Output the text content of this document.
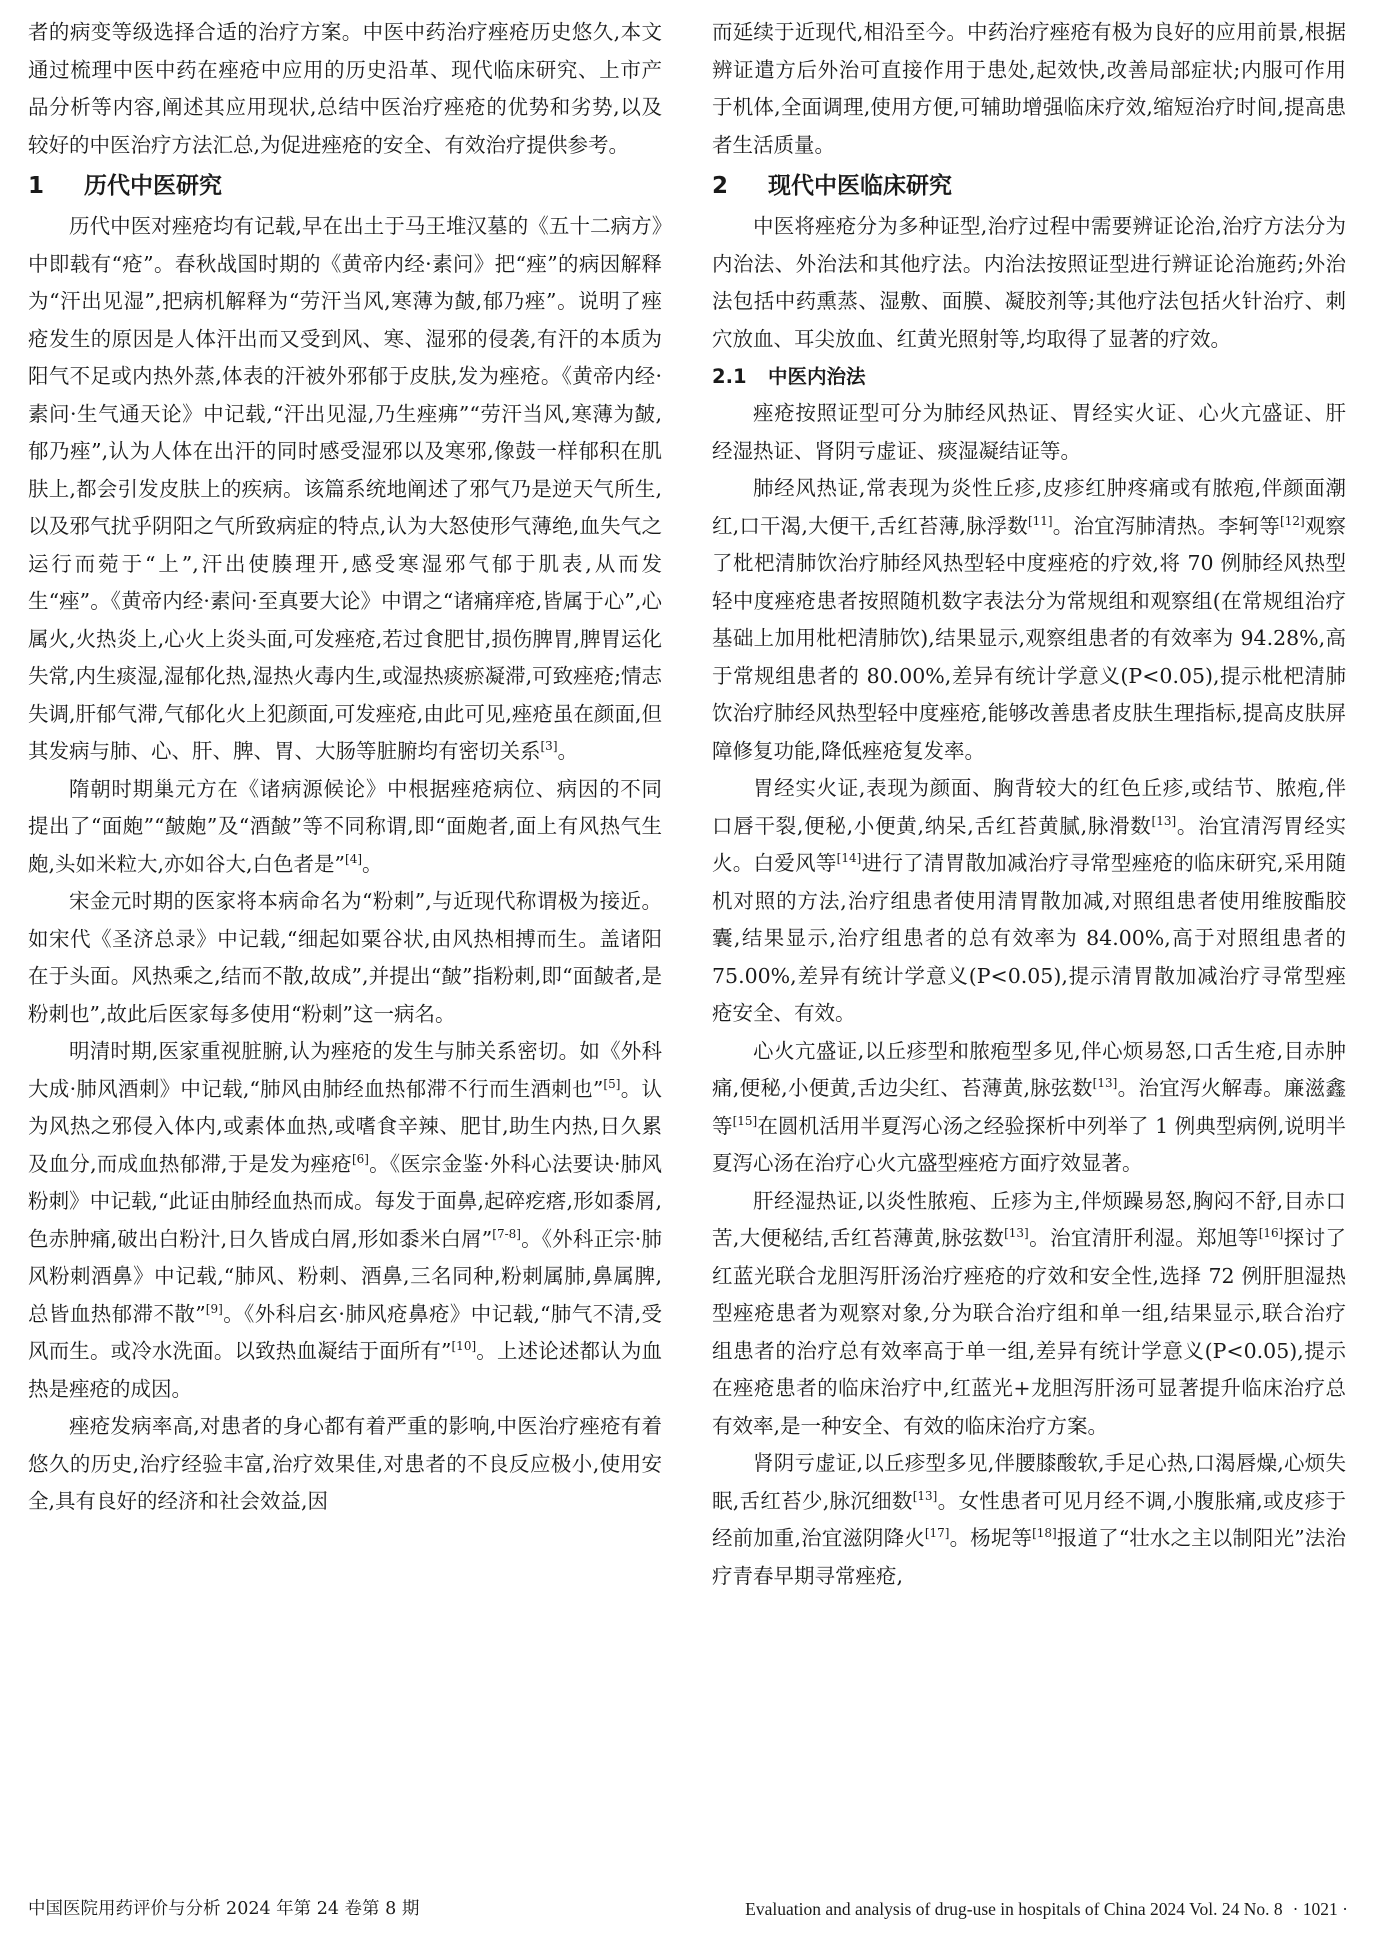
者的病变等级选择合适的治疗方案。中医中药治疗痤疮历史悠久,本文通过梳理中医中药在痤疮中应用的历史沿革、现代临床研究、上市产品分析等内容,阐述其应用现状,总结中医治疗痤疮的优势和劣势,以及较好的中医治疗方法汇总,为促进痤疮的安全、有效治疗提供参考。

1 历代中医研究

历代中医对痤疮均有记载,早在出土于马王堆汉墓的《五十二病方》中即载有“疮”。春秋战国时期的《黄帝内经·素问》把“痤”的病因解释为“汗出见湿”,把病机解释为“劳汗当风,寒薄为皶,郁乃痤”。说明了痤疮发生的原因是人体汗出而又受到风、寒、湿邪的侵袭,有汗的本质为阳气不足或内热外蒸,体表的汗被外邪郁于皮肤,发为痤疮。《黄帝内经·素问·生气通天论》中记载,“汗出见湿,乃生痤疿”“劳汗当风,寒薄为皶,郁乃痤”,认为人体在出汗的同时感受湿邪以及寒邪,像鼓一样郁积在肌肤上,都会引发皮肤上的疾病。该篇系统地阐述了邪气乃是逆天气所生,以及邪气扰乎阴阳之气所致病症的特点,认为大怒使形气薄绝,血失气之运行而菀于“上”,汗出使腠理开,感受寒湿邪气郁于肌表,从而发生“痤”。《黄帝内经·素问·至真要大论》中谓之“诸痛痒疮,皆属于心”,心属火,火热炎上,心火上炎头面,可发痤疮,若过食肥甘,损伤脾胃,脾胃运化失常,内生痰湿,湿郁化热,湿热火毒内生,或湿热痰瘀凝滞,可致痤疮;情志失调,肝郁气滞,气郁化火上犯颜面,可发痤疮,由此可见,痤疮虽在颜面,但其发病与肺、心、肝、脾、胃、大肠等脏腑均有密切关系[3]。

隋朝时期巢元方在《诸病源候论》中根据痤疮病位、病因的不同提出了“面皰”“皶皰”及“酒皶”等不同称谓,即“面皰者,面上有风热气生皰,头如米粒大,亦如谷大,白色者是”[4]。

宋金元时期的医家将本病命名为“粉刺”,与近现代称谓极为接近。如宋代《圣济总录》中记载,“细起如粟谷状,由风热相搏而生。盖诸阳在于头面。风热乘之,结而不散,故成”,并提出“皶”指粉刺,即“面皶者,是粉刺也”,故此后医家每多使用“粉刺”这一病名。

明清时期,医家重视脏腑,认为痤疮的发生与肺关系密切。如《外科大成·肺风酒刺》中记载,“肺风由肺经血热郁滞不行而生酒刺也”[5]。认为风热之邪侵入体内,或素体血热,或嗜食辛辣、肥甘,助生内热,日久累及血分,而成血热郁滞,于是发为痤疮[6]。《医宗金鉴·外科心法要诀·肺风粉刺》中记载,“此证由肺经血热而成。每发于面鼻,起碎疙瘩,形如黍屑,色赤肿痛,破出白粉汁,日久皆成白屑,形如黍米白屑”[7-8]。《外科正宗·肺风粉刺酒鼻》中记载,“肺风、粉刺、酒鼻,三名同种,粉刺属肺,鼻属脾,总皆血热郁滞不散”[9]。《外科启玄·肺风疮鼻疮》中记载,“肺气不清,受风而生。或冷水洗面。以致热血凝结于面所有”[10]。上述论述都认为血热是痤疮的成因。

痤疮发病率高,对患者的身心都有着严重的影响,中医治疗痤疮有着悠久的历史,治疗经验丰富,治疗效果佳,对患者的不良反应极小,使用安全,具有良好的经济和社会效益,因

而延续于近现代,相沿至今。中药治疗痤疮有极为良好的应用前景,根据辨证遣方后外治可直接作用于患处,起效快,改善局部症状;内服可作用于机体,全面调理,使用方便,可辅助增强临床疗效,缩短治疗时间,提高患者生活质量。

2 现代中医临床研究

中医将痤疮分为多种证型,治疗过程中需要辨证论治,治疗方法分为内治法、外治法和其他疗法。内治法按照证型进行辨证论治施药;外治法包括中药熏蒸、湿敷、面膜、凝胶剂等;其他疗法包括火针治疗、刺穴放血、耳尖放血、红黄光照射等,均取得了显著的疗效。

2.1 中医内治法

痤疮按照证型可分为肺经风热证、胃经实火证、心火亢盛证、肝经湿热证、肾阴亏虚证、痰湿凝结证等。

肺经风热证,常表现为炎性丘疹,皮疹红肿疼痛或有脓疱,伴颜面潮红,口干渴,大便干,舌红苔薄,脉浮数[11]。治宜泻肺清热。李轲等[12]观察了枇杷清肺饮治疗肺经风热型轻中度痤疮的疗效,将 70 例肺经风热型轻中度痤疮患者按照随机数字表法分为常规组和观察组(在常规组治疗基础上加用枇杷清肺饮),结果显示,观察组患者的有效率为 94.28%,高于常规组患者的 80.00%,差异有统计学意义(P<0.05),提示枇杷清肺饮治疗肺经风热型轻中度痤疮,能够改善患者皮肤生理指标,提高皮肤屏障修复功能,降低痤疮复发率。

胃经实火证,表现为颜面、胸背较大的红色丘疹,或结节、脓疱,伴口唇干裂,便秘,小便黄,纳呆,舌红苔黄腻,脉滑数[13]。治宜清泻胃经实火。白爱风等[14]进行了清胃散加减治疗寻常型痤疮的临床研究,采用随机对照的方法,治疗组患者使用清胃散加减,对照组患者使用维胺酯胶囊,结果显示,治疗组患者的总有效率为 84.00%,高于对照组患者的 75.00%,差异有统计学意义(P<0.05),提示清胃散加减治疗寻常型痤疮安全、有效。

心火亢盛证,以丘疹型和脓疱型多见,伴心烦易怒,口舌生疮,目赤肿痛,便秘,小便黄,舌边尖红、苔薄黄,脉弦数[13]。治宜泻火解毒。廉滋鑫等[15]在圆机活用半夏泻心汤之经验探析中列举了 1 例典型病例,说明半夏泻心汤在治疗心火亢盛型痤疮方面疗效显著。

肝经湿热证,以炎性脓疱、丘疹为主,伴烦躁易怒,胸闷不舒,目赤口苦,大便秘结,舌红苔薄黄,脉弦数[13]。治宜清肝利湿。郑旭等[16]探讨了红蓝光联合龙胆泻肝汤治疗痤疮的疗效和安全性,选择 72 例肝胆湿热型痤疮患者为观察对象,分为联合治疗组和单一组,结果显示,联合治疗组患者的治疗总有效率高于单一组,差异有统计学意义(P<0.05),提示在痤疮患者的临床治疗中,红蓝光+龙胆泻肝汤可显著提升临床治疗总有效率,是一种安全、有效的临床治疗方案。

肾阴亏虚证,以丘疹型多见,伴腰膝酸软,手足心热,口渴唇燥,心烦失眠,舌红苔少,脉沉细数[13]。女性患者可见月经不调,小腹胀痛,或皮疹于经前加重,治宜滋阴降火[17]。杨坭等[18]报道了“壮水之主以制阳光”法治疗青春早期寻常痤疮,

中国医院用药评价与分析 2024 年第 24 卷第 8 期	Evaluation and analysis of drug-use in hospitals of China 2024 Vol. 24 No. 8 · 1021 ·
